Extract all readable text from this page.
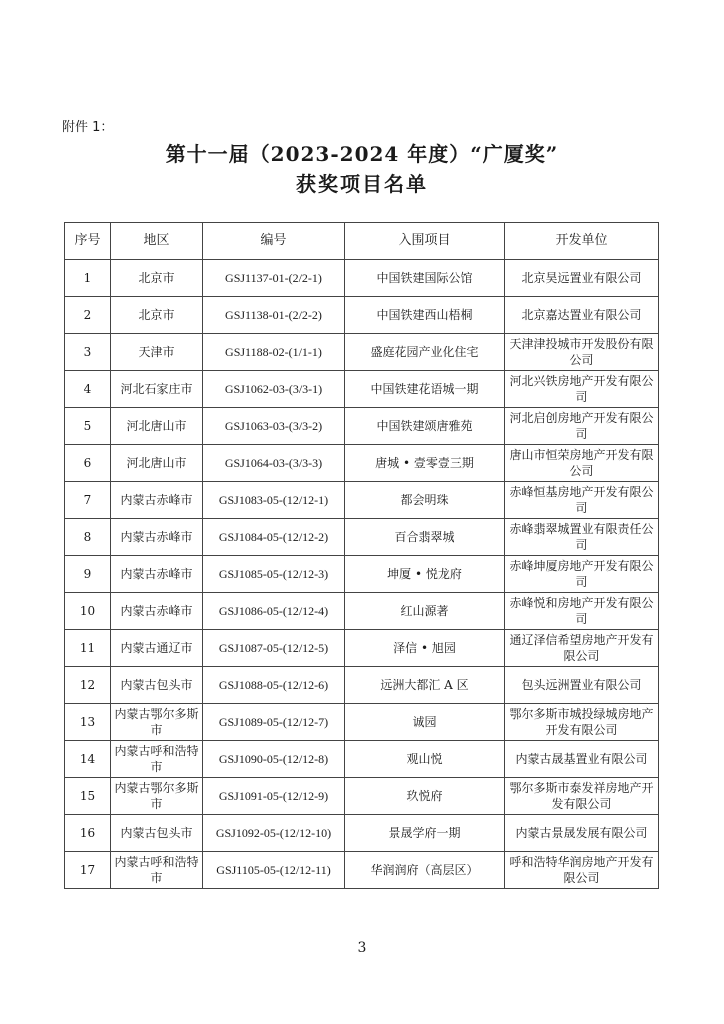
附件 1：
第十一届（2023-2024 年度）“广厦奖”
获奖项目名单
序号	地区	编号	入围项目	开发单位
1	北京市	GSJ1137-01-(2/2-1)	中国铁建国际公馆	北京昊远置业有限公司
2	北京市	GSJ1138-01-(2/2-2)	中国铁建西山梧桐	北京嘉达置业有限公司
3	天津市	GSJ1188-02-(1/1-1)	盛庭花园产业化住宅	天津津投城市开发股份有限公司
4	河北石家庄市	GSJ1062-03-(3/3-1)	中国铁建花语城一期	河北兴铁房地产开发有限公司
5	河北唐山市	GSJ1063-03-(3/3-2)	中国铁建颂唐雅苑	河北启创房地产开发有限公司
6	河北唐山市	GSJ1064-03-(3/3-3)	唐城 • 壹零壹三期	唐山市恒荣房地产开发有限公司
7	内蒙古赤峰市	GSJ1083-05-(12/12-1)	都会明珠	赤峰恒基房地产开发有限公司
8	内蒙古赤峰市	GSJ1084-05-(12/12-2)	百合翡翠城	赤峰翡翠城置业有限责任公司
9	内蒙古赤峰市	GSJ1085-05-(12/12-3)	坤厦 • 悦龙府	赤峰坤厦房地产开发有限公司
10	内蒙古赤峰市	GSJ1086-05-(12/12-4)	红山源著	赤峰悦和房地产开发有限公司
11	内蒙古通辽市	GSJ1087-05-(12/12-5)	泽信 • 旭园	通辽泽信希望房地产开发有限公司
12	内蒙古包头市	GSJ1088-05-(12/12-6)	远洲大都汇 A 区	包头远洲置业有限公司
13	内蒙古鄂尔多斯市	GSJ1089-05-(12/12-7)	诚园	鄂尔多斯市城投绿城房地产开发有限公司
14	内蒙古呼和浩特市	GSJ1090-05-(12/12-8)	观山悦	内蒙古晟基置业有限公司
15	内蒙古鄂尔多斯市	GSJ1091-05-(12/12-9)	玖悦府	鄂尔多斯市泰发祥房地产开发有限公司
16	内蒙古包头市	GSJ1092-05-(12/12-10)	景晟学府一期	内蒙古景晟发展有限公司
17	内蒙古呼和浩特市	GSJ1105-05-(12/12-11)	华润润府（高层区）	呼和浩特华润房地产开发有限公司
3
